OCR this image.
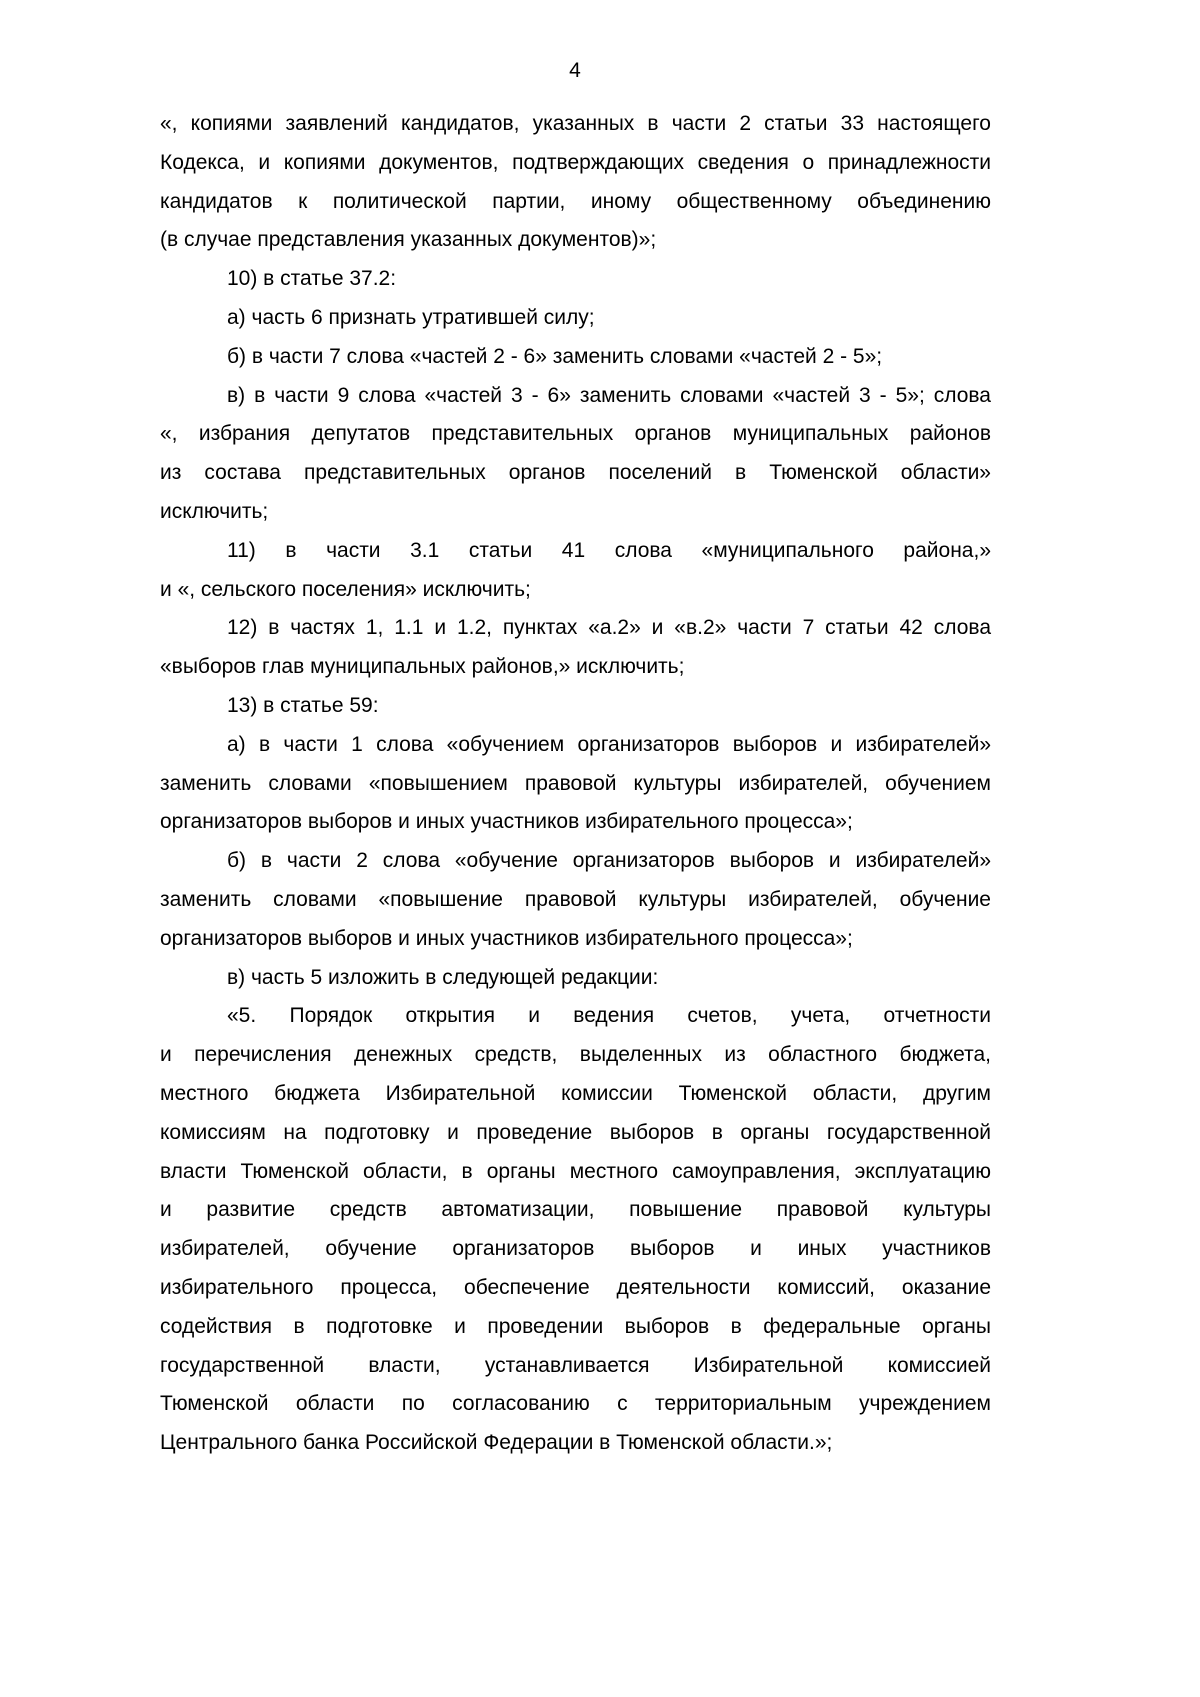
4
«, копиями заявлений кандидатов, указанных в части 2 статьи 33 настоящего
Кодекса, и копиями документов, подтверждающих сведения о принадлежности
кандидатов к политической партии, иному общественному объединению
(в случае представления указанных документов)»;
10) в статье 37.2:
а) часть 6 признать утратившей силу;
б) в части 7 слова «частей 2 - 6» заменить словами «частей 2 - 5»;
в) в части 9 слова «частей 3 - 6» заменить словами «частей 3 - 5»; слова
«, избрания депутатов представительных органов муниципальных районов
из состава представительных органов поселений в Тюменской области»
исключить;
11) в части 3.1 статьи 41 слова «муниципального района,»
и «, сельского поселения» исключить;
12) в частях 1, 1.1 и 1.2, пунктах «а.2» и «в.2» части 7 статьи 42 слова
«выборов глав муниципальных районов,» исключить;
13) в статье 59:
а) в части 1 слова «обучением организаторов выборов и избирателей»
заменить словами «повышением правовой культуры избирателей, обучением
организаторов выборов и иных участников избирательного процесса»;
б) в части 2 слова «обучение организаторов выборов и избирателей»
заменить словами «повышение правовой культуры избирателей, обучение
организаторов выборов и иных участников избирательного процесса»;
в) часть 5 изложить в следующей редакции:
«5. Порядок открытия и ведения счетов, учета, отчетности
и перечисления денежных средств, выделенных из областного бюджета,
местного бюджета Избирательной комиссии Тюменской области, другим
комиссиям на подготовку и проведение выборов в органы государственной
власти Тюменской области, в органы местного самоуправления, эксплуатацию
и развитие средств автоматизации, повышение правовой культуры
избирателей, обучение организаторов выборов и иных участников
избирательного процесса, обеспечение деятельности комиссий, оказание
содействия в подготовке и проведении выборов в федеральные органы
государственной власти, устанавливается Избирательной комиссией
Тюменской области по согласованию с территориальным учреждением
Центрального банка Российской Федерации в Тюменской области.»;
